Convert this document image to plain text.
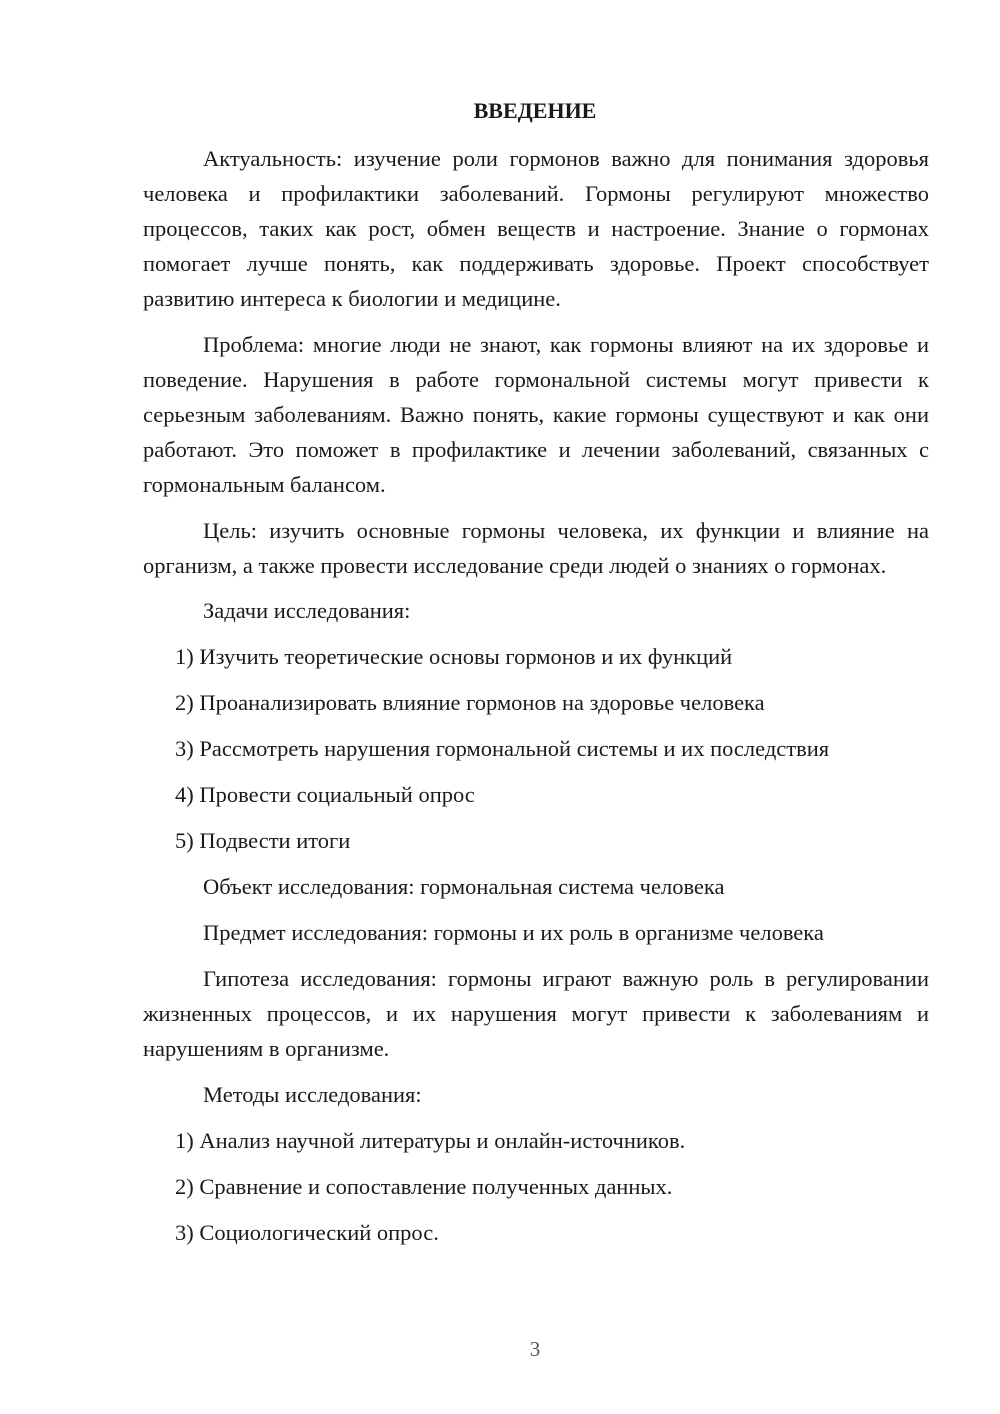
ВВЕДЕНИЕ

Актуальность: изучение роли гормонов важно для понимания здоровья человека и профилактики заболеваний. Гормоны регулируют множество процессов, таких как рост, обмен веществ и настроение. Знание о гормонах помогает лучше понять, как поддерживать здоровье. Проект способствует развитию интереса к биологии и медицине.

Проблема: многие люди не знают, как гормоны влияют на их здоровье и поведение. Нарушения в работе гормональной системы могут привести к серьезным заболеваниям. Важно понять, какие гормоны существуют и как они работают. Это поможет в профилактике и лечении заболеваний, связанных с гормональным балансом.

Цель: изучить основные гормоны человека, их функции и влияние на организм, а также провести исследование среди людей о знаниях о гормонах.

Задачи исследования:

1) Изучить теоретические основы гормонов и их функций

2) Проанализировать влияние гормонов на здоровье человека

3) Рассмотреть нарушения гормональной системы и их последствия

4) Провести социальный опрос

5) Подвести итоги

Объект исследования: гормональная система человека

Предмет исследования: гормоны и их роль в организме человека

Гипотеза исследования: гормоны играют важную роль в регулировании жизненных процессов, и их нарушения могут привести к заболеваниям и нарушениям в организме.

Методы исследования:

1) Анализ научной литературы и онлайн-источников.

2) Сравнение и сопоставление полученных данных.

3) Социологический опрос.

3
